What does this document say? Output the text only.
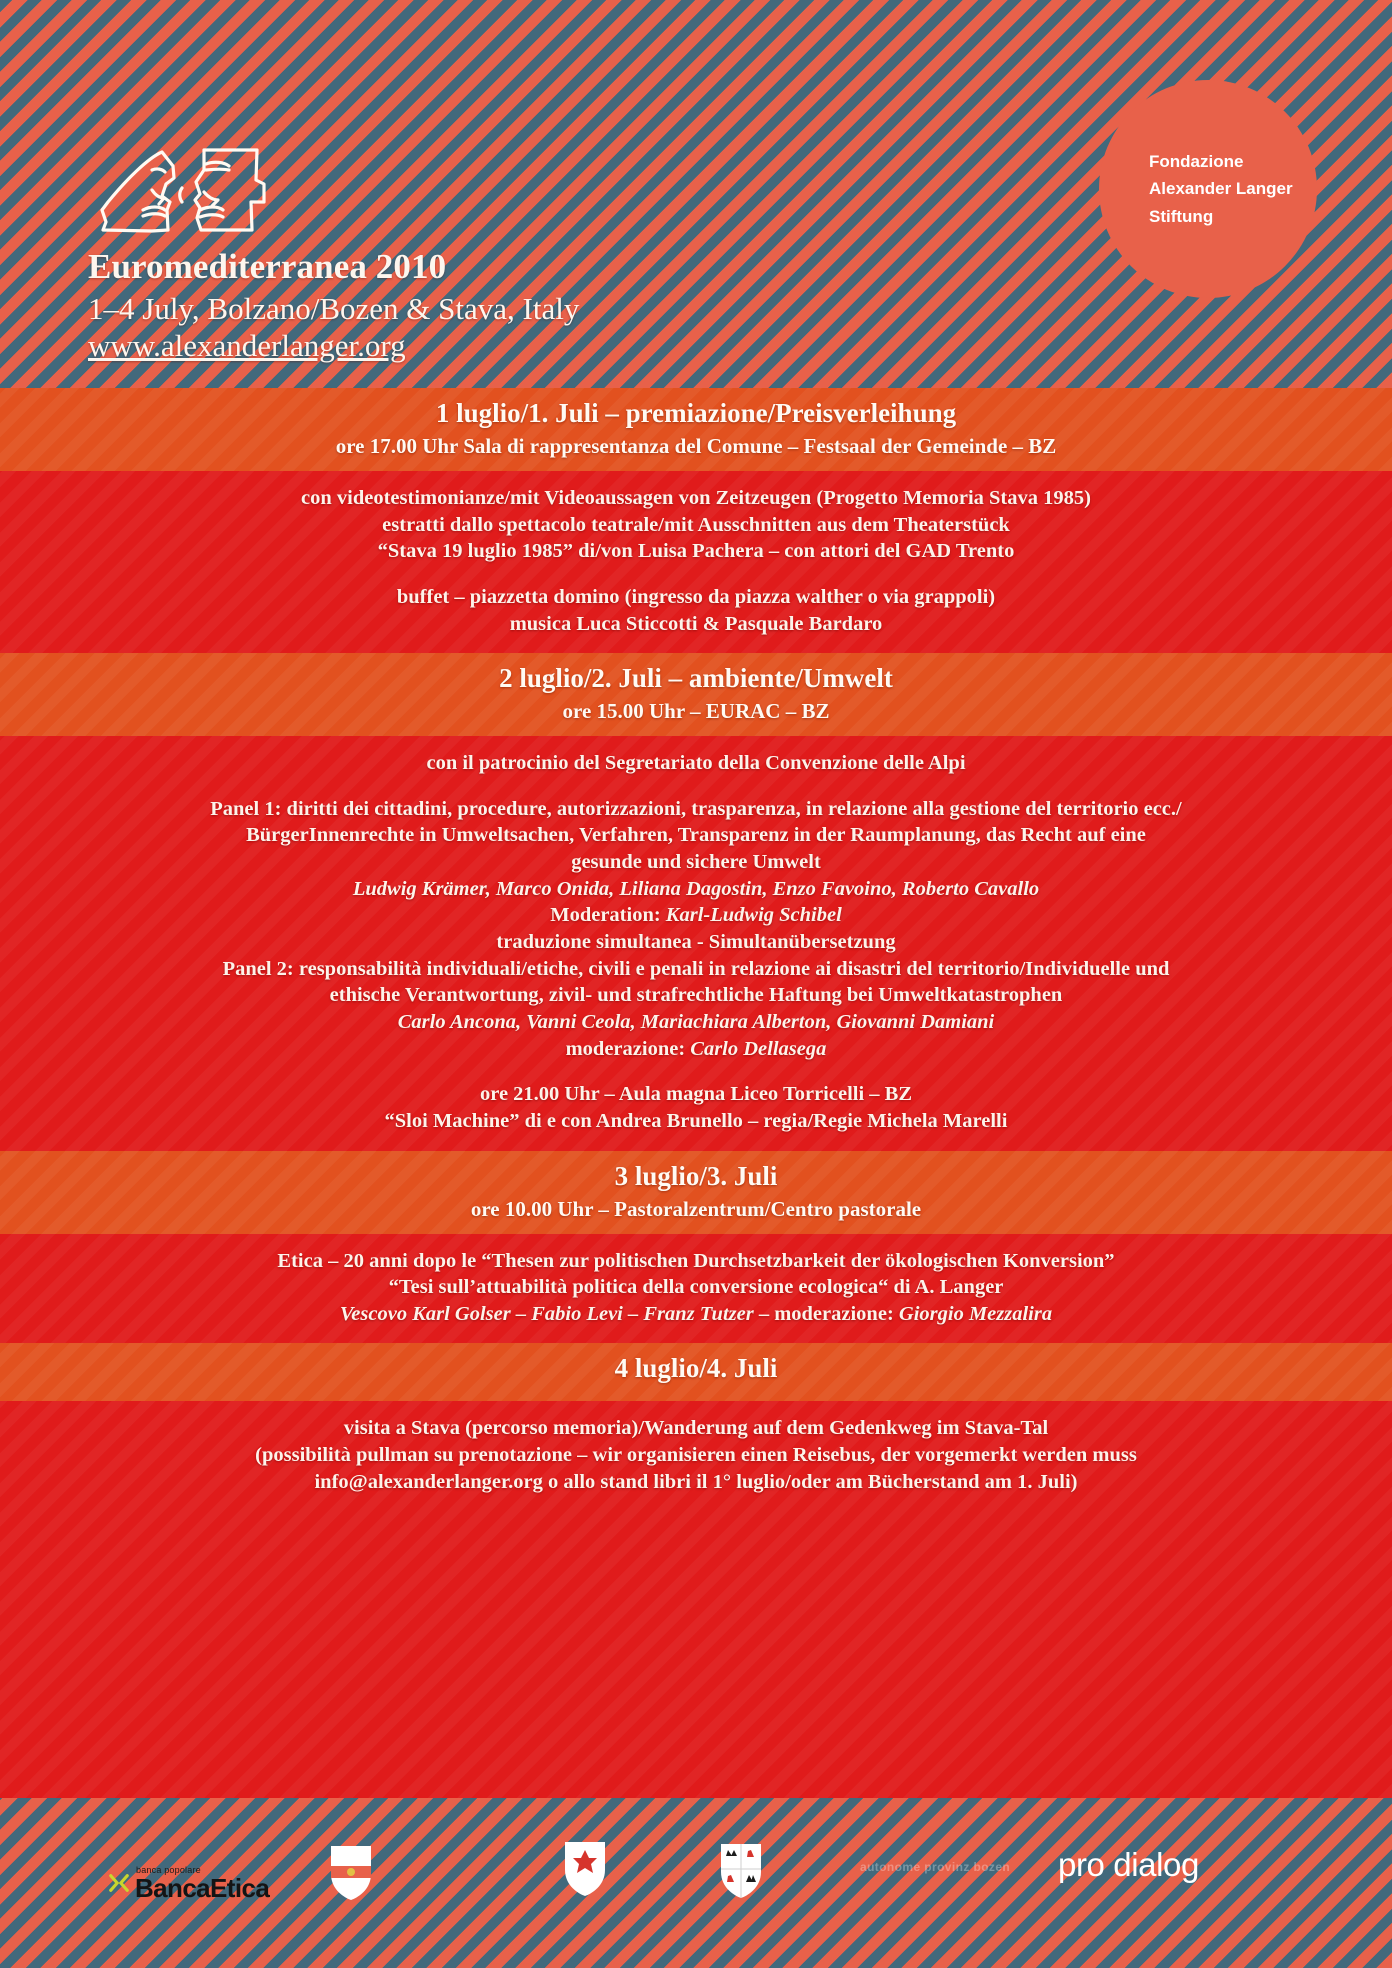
Euromediterranea 2010

1–4 July, Bolzano/Bozen & Stava, Italy

www.alexanderlanger.org
Fondazione
Alexander Langer
Stiftung

1 luglio/1. Juli – premiazione/Preisverleihung

ore 17.00 Uhr Sala di rappresentanza del Comune – Festsaal der Gemeinde – BZ

con videotestimonianze/mit Videoaussagen von Zeitzeugen (Progetto Memoria Stava 1985)

estratti dallo spettacolo teatrale/mit Ausschnitten aus dem Theaterstück

“Stava 19 luglio 1985” di/von Luisa Pachera – con attori del GAD Trento

buffet – piazzetta domino (ingresso da piazza walther o via grappoli)

musica Luca Sticcotti & Pasquale Bardaro

2 luglio/2. Juli – ambiente/Umwelt

ore 15.00 Uhr – EURAC – BZ

con il patrocinio del Segretariato della Convenzione delle Alpi

Panel 1: diritti dei cittadini, procedure, autorizzazioni, trasparenza, in relazione alla gestione del territorio ecc./

BürgerInnenrechte in Umweltsachen, Verfahren, Transparenz in der Raumplanung, das Recht auf eine

gesunde und sichere Umwelt

Ludwig Krämer, Marco Onida, Liliana Dagostin, Enzo Favoino, Roberto Cavallo

Moderation: Karl-Ludwig Schibel

traduzione simultanea - Simultanübersetzung

Panel 2: responsabilità individuali/etiche, civili e penali in relazione ai disastri del territorio/Individuelle und

ethische Verantwortung, zivil- und strafrechtliche Haftung bei Umweltkatastrophen

Carlo Ancona, Vanni Ceola, Mariachiara Alberton, Giovanni Damiani

moderazione: Carlo Dellasega

ore 21.00 Uhr – Aula magna Liceo Torricelli – BZ

“Sloi Machine” di e con Andrea Brunello – regia/Regie Michela Marelli

3 luglio/3. Juli

ore 10.00 Uhr – Pastoralzentrum/Centro pastorale

Etica – 20 anni dopo le “Thesen zur politischen Durchsetzbarkeit der ökologischen Konversion”

“Tesi sull’attuabilità politica della conversione ecologica“ di A. Langer

Vescovo Karl Golser – Fabio Levi – Franz Tutzer – moderazione: Giorgio Mezzalira

4 luglio/4. Juli

visita a Stava (percorso memoria)/Wanderung auf dem Gedenkweg im Stava-Tal

(possibilità pullman su prenotazione – wir organisieren einen Reisebus, der vorgemerkt werden muss

info@alexanderlanger.org o allo stand libri il 1° luglio/oder am Bücherstand am 1. Juli)

banca popolare
BancaEtica
autonome provinz bozen pro dialog
